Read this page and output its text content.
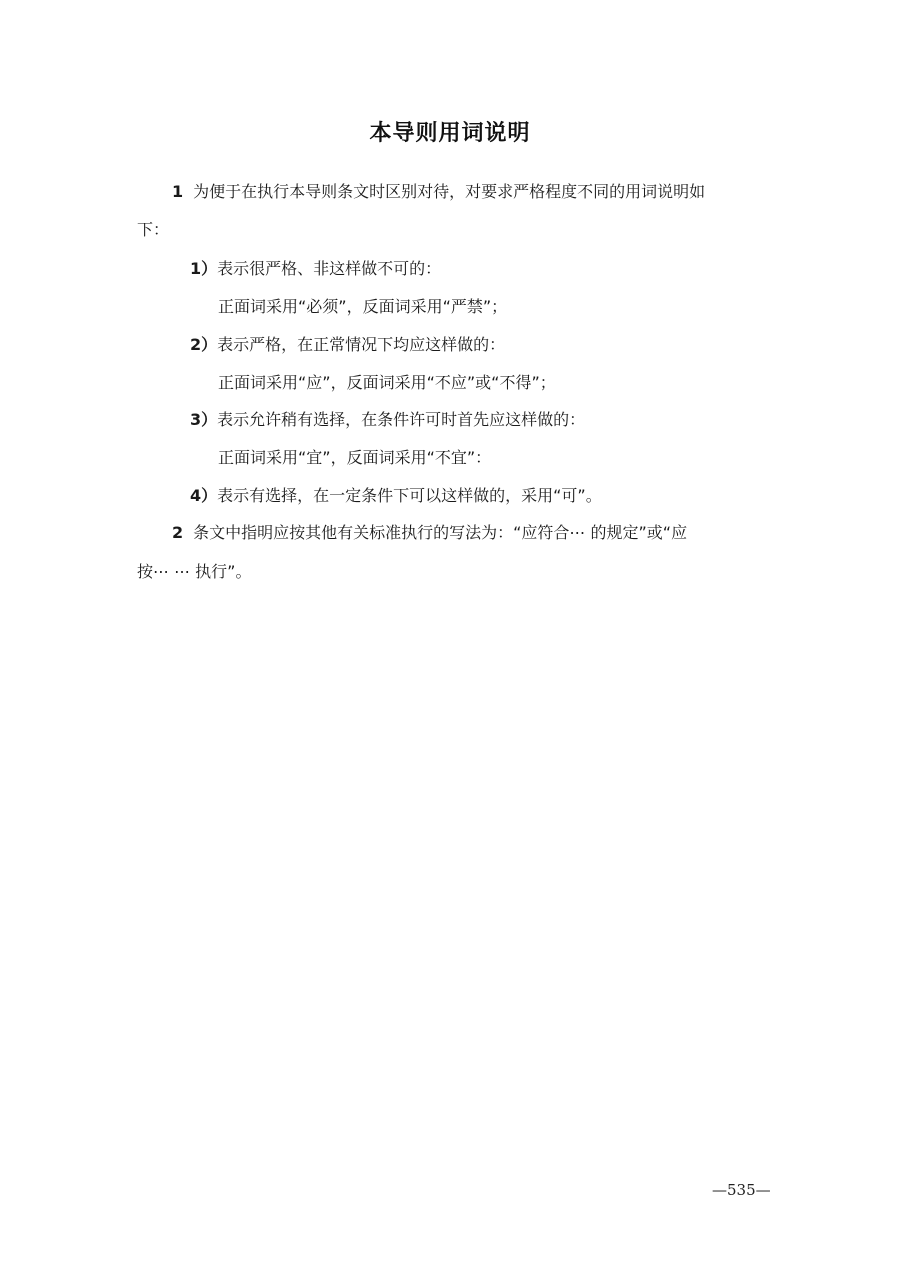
本导则用词说明
1 为便于在执行本导则条文时区别对待，对要求严格程度不同的用词说明如
下：
1）表示很严格、非这样做不可的：
正面词采用“必须”，反面词采用“严禁”；
2）表示严格，在正常情况下均应这样做的：
正面词采用“应”，反面词采用“不应”或“不得”；
3）表示允许稍有选择，在条件许可时首先应这样做的：
正面词采用“宜”，反面词采用“不宜”：
4）表示有选择，在一定条件下可以这样做的，采用“可”。
2 条文中指明应按其他有关标准执行的写法为：“应符合⋯ 的规定”或“应
按⋯ ⋯ 执行”。
—535—
